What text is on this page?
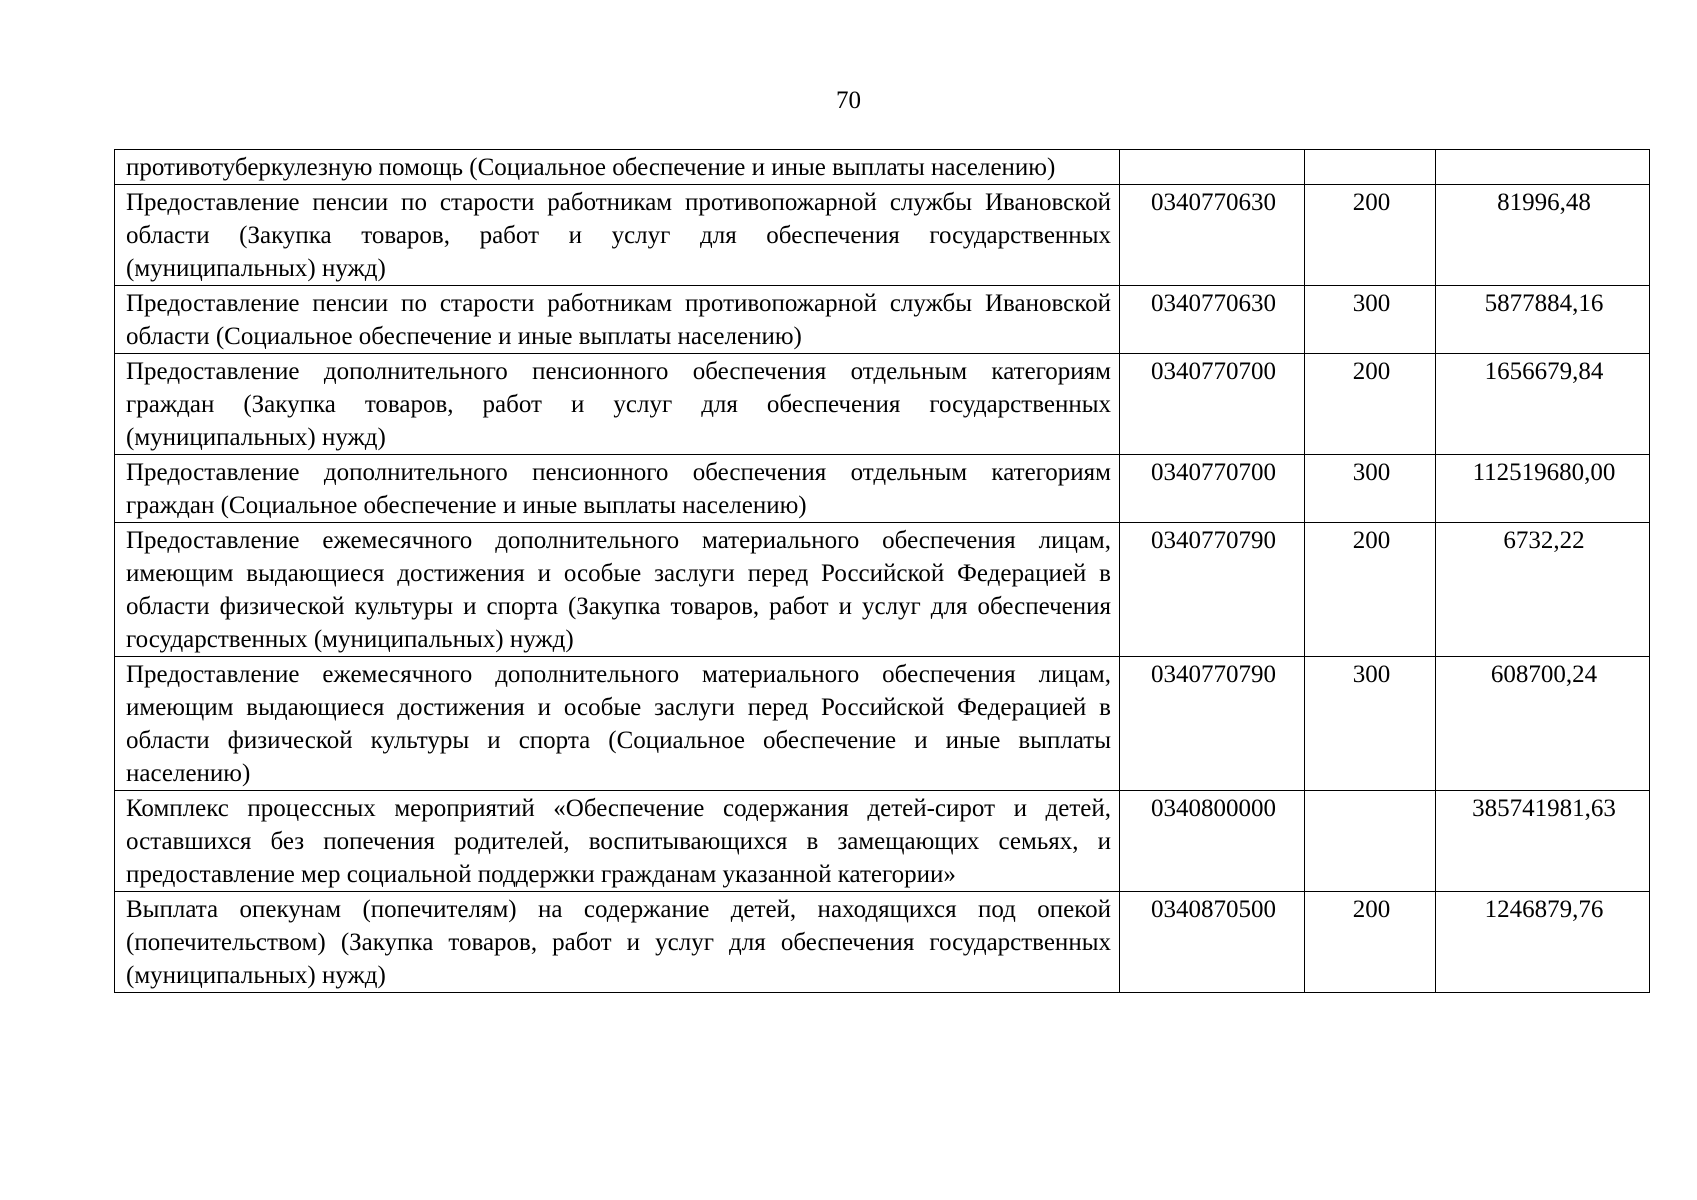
70
противотуберкулезную помощь (Социальное обеспечение и иные выплаты населению)			
Предоставление пенсии по старости работникам противопожарной службы Ивановской области (Закупка товаров, работ и услуг для обеспечения государственных (муниципальных) нужд)	0340770630	200	81996,48
Предоставление пенсии по старости работникам противопожарной службы Ивановской области (Социальное обеспечение и иные выплаты населению)	0340770630	300	5877884,16
Предоставление дополнительного пенсионного обеспечения отдельным категориям граждан (Закупка товаров, работ и услуг для обеспечения государственных (муниципальных) нужд)	0340770700	200	1656679,84
Предоставление дополнительного пенсионного обеспечения отдельным категориям граждан (Социальное обеспечение и иные выплаты населению)	0340770700	300	112519680,00
Предоставление ежемесячного дополнительного материального обеспечения лицам, имеющим выдающиеся достижения и особые заслуги перед Российской Федерацией в области физической культуры и спорта (Закупка товаров, работ и услуг для обеспечения государственных (муниципальных) нужд)	0340770790	200	6732,22
Предоставление ежемесячного дополнительного материального обеспечения лицам, имеющим выдающиеся достижения и особые заслуги перед Российской Федерацией в области физической культуры и спорта (Социальное обеспечение и иные выплаты населению)	0340770790	300	608700,24
Комплекс процессных мероприятий «Обеспечение содержания детей-сирот и детей, оставшихся без попечения родителей, воспитывающихся в замещающих семьях, и предоставление мер социальной поддержки гражданам указанной категории»	0340800000		385741981,63
Выплата опекунам (попечителям) на содержание детей, находящихся под опекой (попечительством) (Закупка товаров, работ и услуг для обеспечения государственных (муниципальных) нужд)	0340870500	200	1246879,76
